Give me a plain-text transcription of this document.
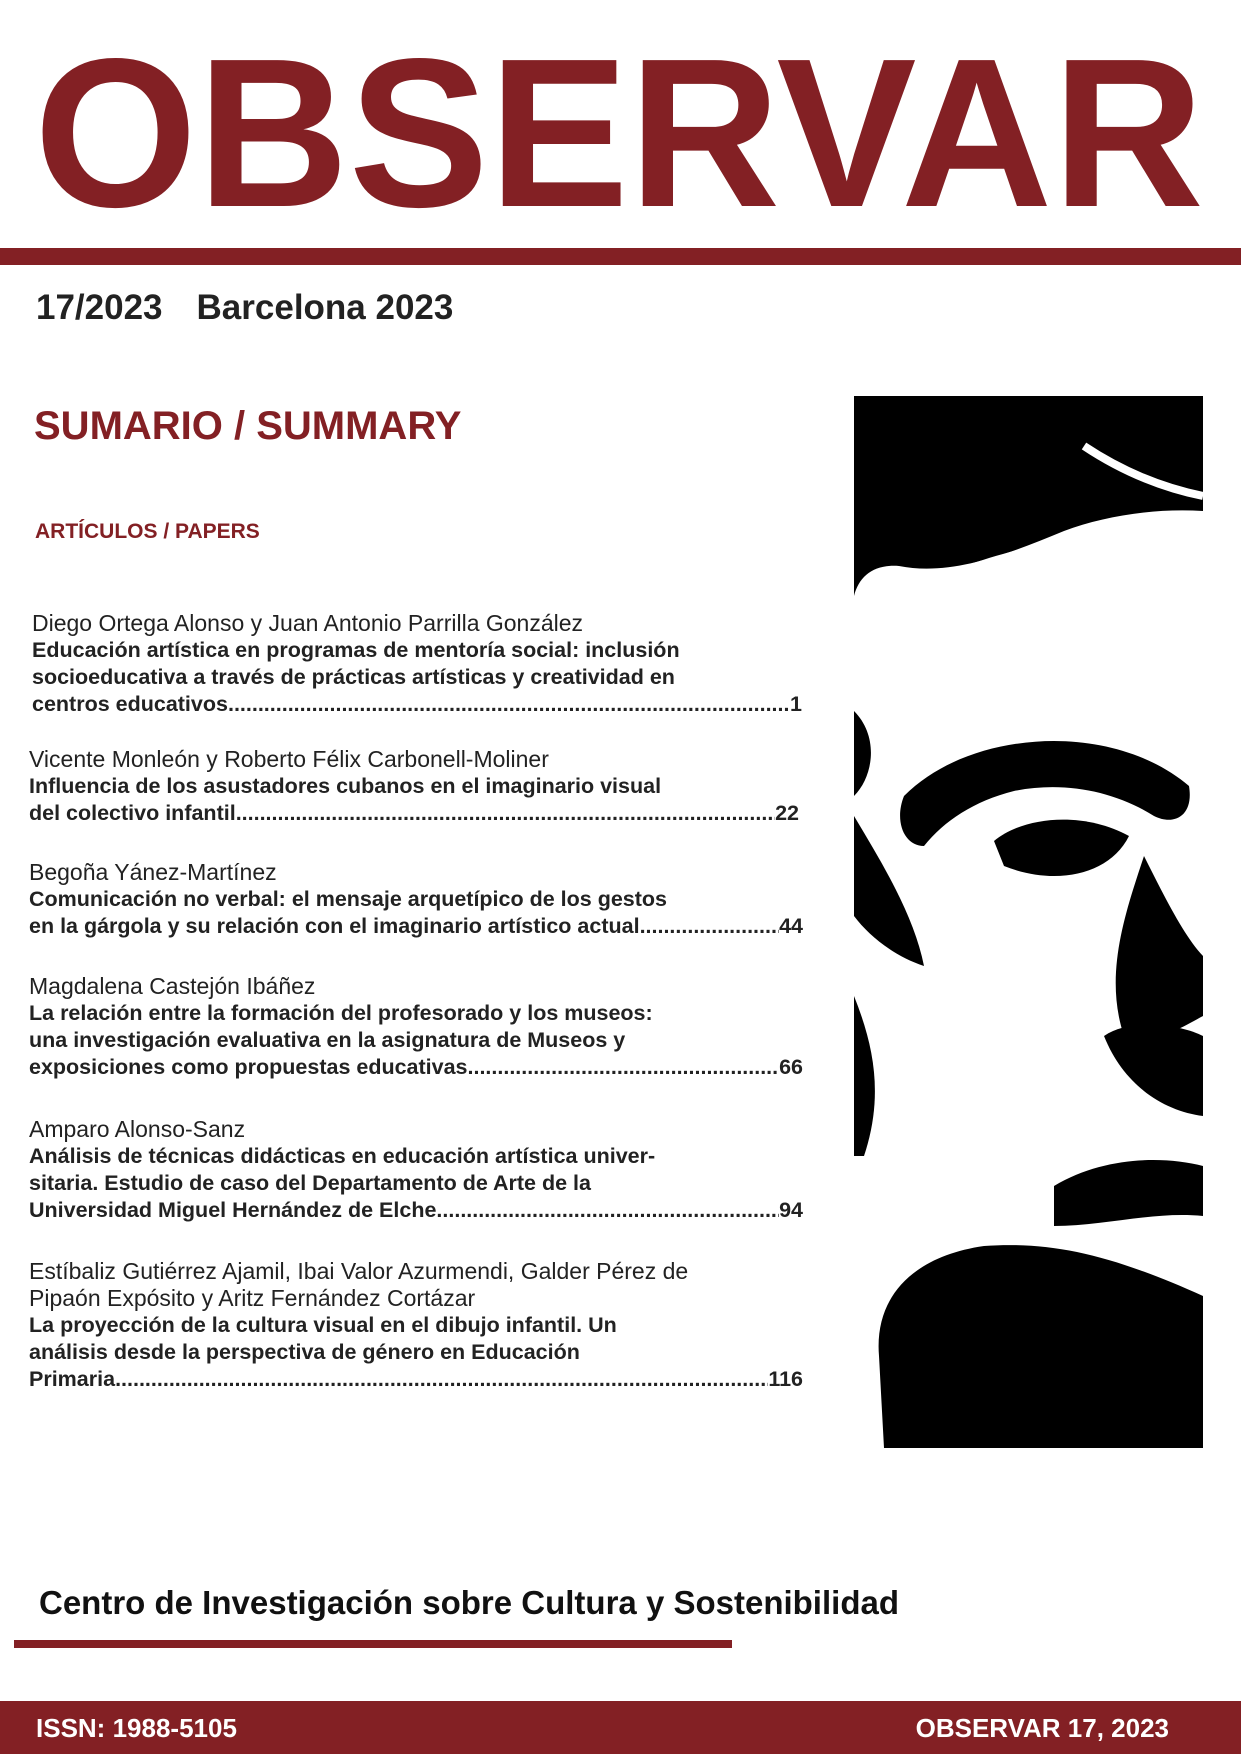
OBSERVAR
17/2023 Barcelona 2023
SUMARIO / SUMMARY
ARTÍCULOS / PAPERS
Diego Ortega Alonso y Juan Antonio Parrilla González
Educación artística en programas de mentoría social: inclusión
socioeducativa a través de prácticas artísticas y creatividad en
centros educativos .....	1
Vicente Monleón y Roberto Félix Carbonell-Moliner
Influencia de los asustadores cubanos en el imaginario visual
del colectivo infantil .....	22
Begoña Yánez-Martínez
Comunicación no verbal: el mensaje arquetípico de los gestos
en la gárgola y su relación con el imaginario artístico actual .....	44
Magdalena Castejón Ibáñez
La relación entre la formación del profesorado y los museos:
una investigación evaluativa en la asignatura de Museos y
exposiciones como propuestas educativas .....	66
Amparo Alonso-Sanz
Análisis de técnicas didácticas en educación artística univer-
sitaria. Estudio de caso del Departamento de Arte de la
Universidad Miguel Hernández de Elche .....	94
Estíbaliz Gutiérrez Ajamil, Ibai Valor Azurmendi, Galder Pérez de
Pipaón Expósito y Aritz Fernández Cortázar
La proyección de la cultura visual en el dibujo infantil. Un
análisis desde la perspectiva de género en Educación
Primaria .....	116
Centro de Investigación sobre Cultura y Sostenibilidad
ISSN: 1988-5105	OBSERVAR 17, 2023
